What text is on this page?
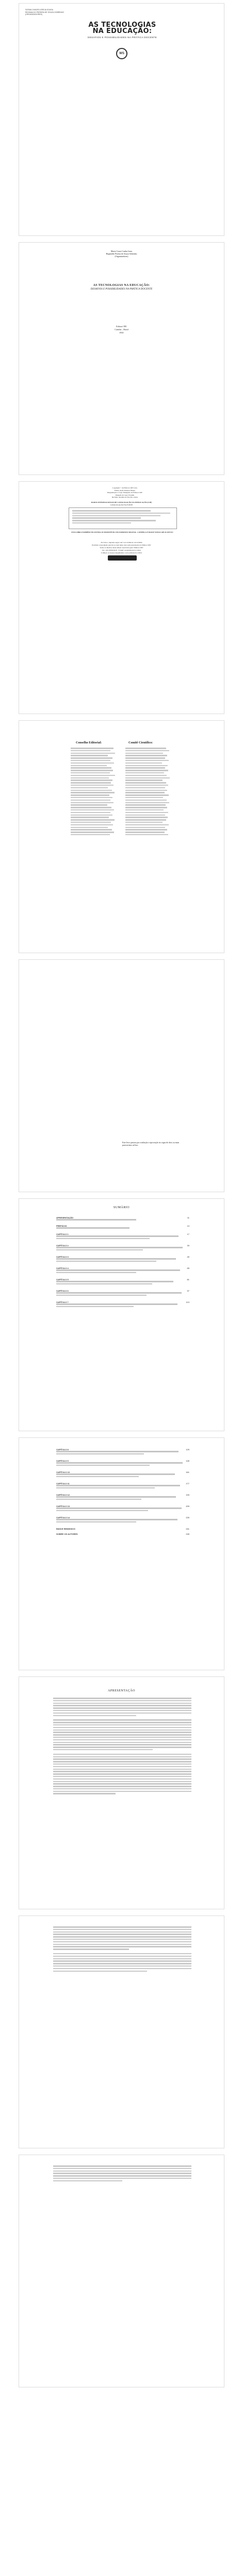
FATIMA CHAVES IGREJA SOUSA
REGINALDO PEREIRA DE SOUZA SOBRINHO
(ORGANIZADORES)
AS TECNOLOGIAS
NA EDUCAÇÃO:
DESAFIOS E POSSIBILIDADES NA PRÁTICA DOCENTE
WS
Maria Coura Cunha Lima
Reginaldo Pereira de Souza Sobrinho
(Organizadores)
AS TECNOLOGIAS NA EDUCAÇÃO:
DESAFIOS E POSSIBILIDADES NA PRÁTICA DOCENTE
Editora CRV
Curitiba – Brasil
2024
Copyright © da Editora CRV Ltda.
Editor-chefe: Railson Moura
Diagramação e Capa: Designers da Editora CRV
Imagem de Capa: Freepik
Revisão: Analista de Escrita e Artes
DADOS INTERNACIONAIS DE CATALOGAÇÃO NA PUBLICAÇÃO (CIP)
CATALOGAÇÃO NA FONTE
ESTA OBRA TAMBÉM ENCONTRA-SE DISPONÍVEL EM FORMATO DIGITAL. CONHEÇA E BAIXE NOSSO APLICATIVO!
Foi feito o depósito legal conf. Lei 10.994 de 14/12/2004
Proibida a reprodução parcial ou total desta obra sem autorização da Editora CRV
Todos os direitos desta edição reservados pela: Editora CRV
Tel.: (41) 3039-6418 - E-mail: sac@editoracrv.com.br
Conheça os nossos lançamentos: www.editoracrv.com.br
Conselho Editorial:	Comitê Científico:
Este livro passou por avaliação e aprovação às cegas de dois ou mais pareceristas ad hoc.
SUMÁRIO
APRESENTAÇÃO	11
PREFÁCIO	13
CAPÍTULO 1	17
CAPÍTULO 2	33
CAPÍTULO 3	49
CAPÍTULO 4	65
CAPÍTULO 5	81
CAPÍTULO 6	97
CAPÍTULO 7	113
CAPÍTULO 8	129
CAPÍTULO 9	145
CAPÍTULO 10	161
CAPÍTULO 11	177
CAPÍTULO 12	193
CAPÍTULO 13	209
CAPÍTULO 14	225
ÍNDICE REMISSIVO	241
SOBRE OS AUTORES	245
APRESENTAÇÃO
